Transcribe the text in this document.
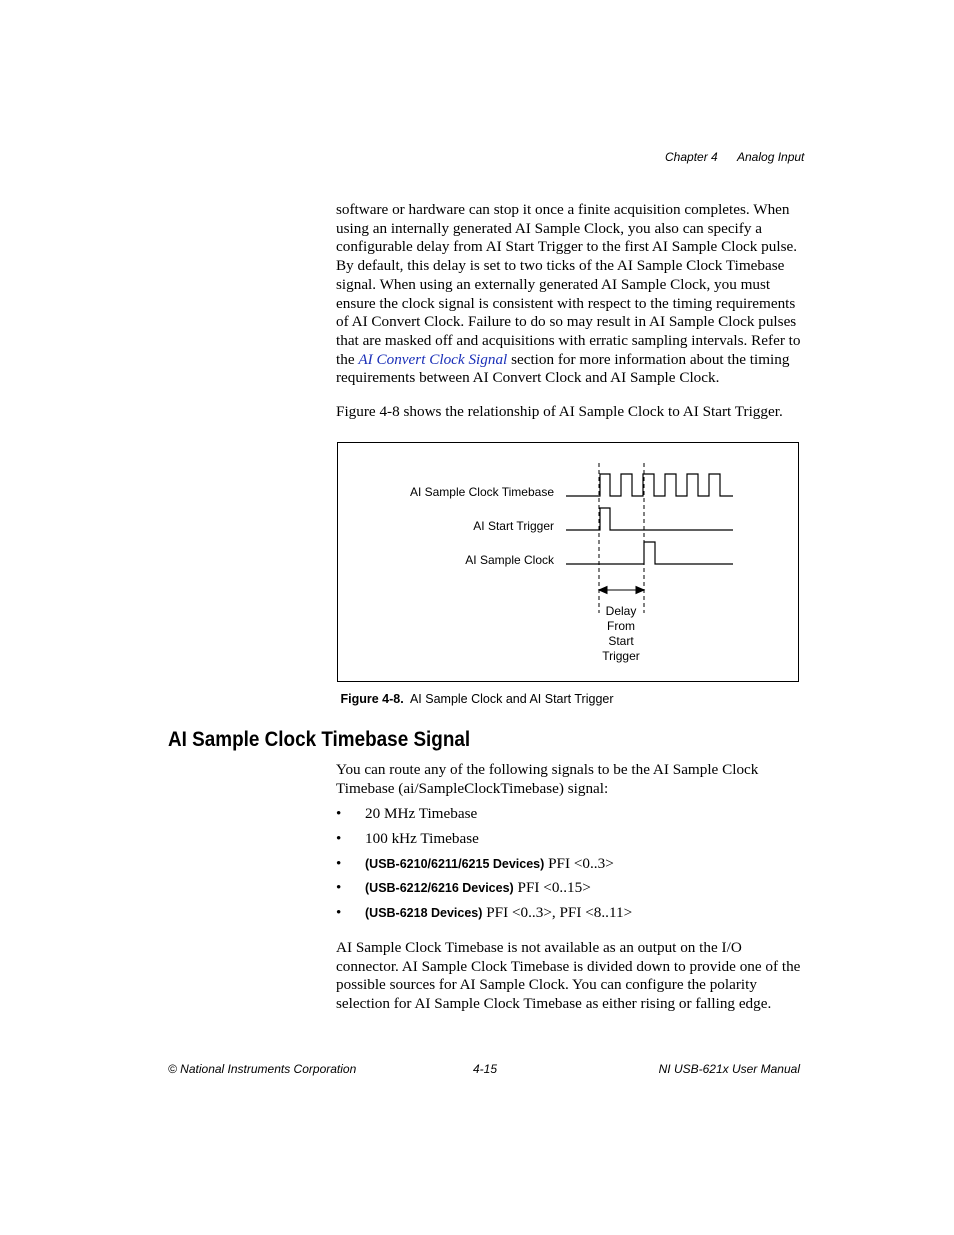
Chapter 4 Analog Input

software or hardware can stop it once a finite acquisition completes. When using an internally generated AI Sample Clock, you also can specify a configurable delay from AI Start Trigger to the first AI Sample Clock pulse. By default, this delay is set to two ticks of the AI Sample Clock Timebase signal. When using an externally generated AI Sample Clock, you must ensure the clock signal is consistent with respect to the timing requirements of AI Convert Clock. Failure to do so may result in AI Sample Clock pulses that are masked off and acquisitions with erratic sampling intervals. Refer to the AI Convert Clock Signal section for more information about the timing requirements between AI Convert Clock and AI Sample Clock.

Figure 4-8 shows the relationship of AI Sample Clock to AI Start Trigger.

AI Sample Clock Timebase
AI Start Trigger
AI Sample Clock
Delay
From
Start
Trigger
Figure 4-8. AI Sample Clock and AI Start Trigger
AI Sample Clock Timebase Signal

You can route any of the following signals to be the AI Sample Clock Timebase (ai/SampleClockTimebase) signal:

• 20 MHz Timebase
• 100 kHz Timebase
• (USB-6210/6211/6215 Devices) PFI <0..3>
• (USB-6212/6216 Devices) PFI <0..15>
• (USB-6218 Devices) PFI <0..3>, PFI <8..11>

AI Sample Clock Timebase is not available as an output on the I/O connector. AI Sample Clock Timebase is divided down to provide one of the possible sources for AI Sample Clock. You can configure the polarity selection for AI Sample Clock Timebase as either rising or falling edge.

© National Instruments Corporation	4-15	NI USB-621x User Manual
